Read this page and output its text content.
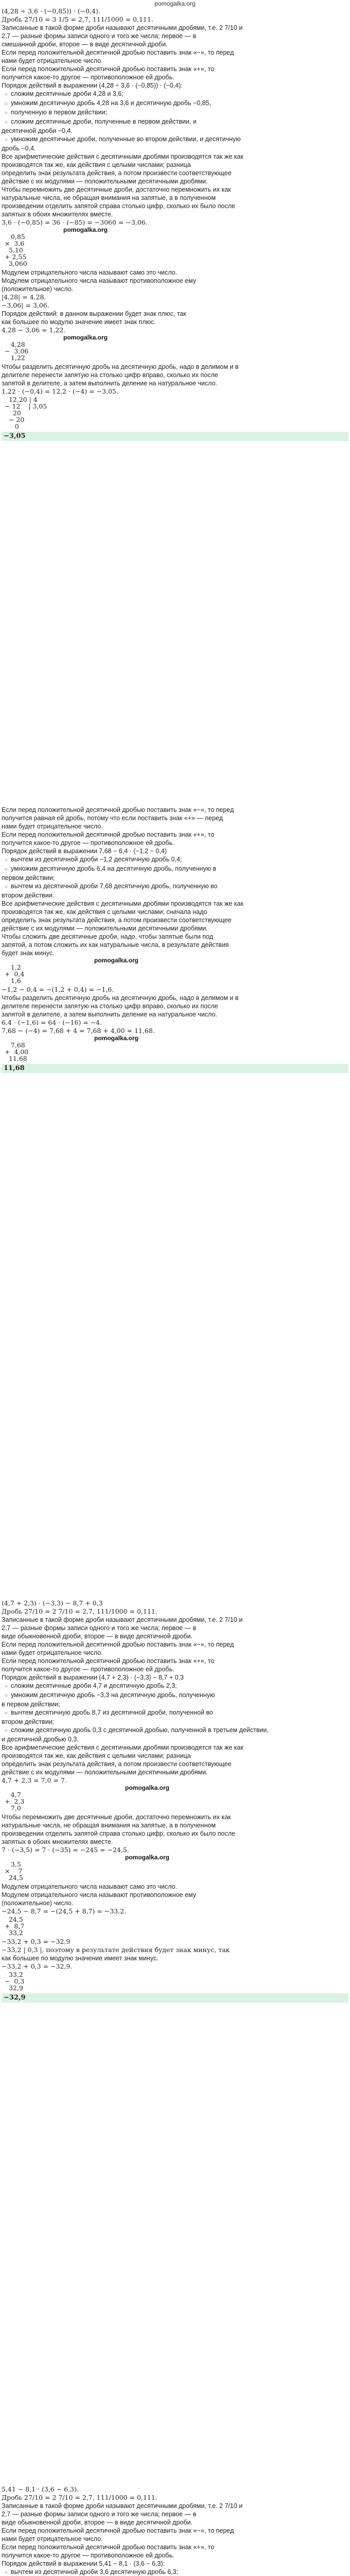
pomogalka.org
(4,28 ÷ 3,6 · (−0,85)) · (−0,4).
Дробь 27/10 = 3 1/5 = 2,7, 111/1000 = 0,111.
Записанные в такой форме дроби называют десятичными дробями, т.е. 2 7/10 и
2,7 — разные формы записи одного и того же числа; первое — в
смешанной дроби, второе — в виде десятичной дроби.
Если перед положительной десятичной дробью поставить знак «−», то перед
нами будет отрицательное число.
Если перед положительной десятичной дробью поставить знак «+», то
получится какое-то другое — противоположное ей дробь.
Порядок действий в выражении (4,28 ÷ 3,6 · (−0,85)) · (−0,4):
○ сложим десятичные дроби 4,28 и 3,6;
○ умножим десятичную дробь 4,28 на 3,6 и десятичную дробь −0,85,
○ полученную в первом действии;
○ сложим десятичные дроби, полученные в первом действии, и
десятичной дроби −0,4.
○ умножим десятичные дроби, полученные во втором действии, и десятичную
дробь −0,4.
Все арифметические действия с десятичными дробями производятся так же как
производятся так же, как действия с целыми числами; разница
определить знак результата действия, а потом произвести соответствующее
действие с их модулями — положительными десятичными дробями.
Чтобы перемножить две десятичные дроби, достаточно перемножить их как
натуральные числа, не обращая внимания на запятые, а в полученном
произведении отделить запятой справа столько цифр, сколько их было после
запятых в обоих множителях вместе.
3,6 · (−0,85) = 36 · (−85) = −3060 = −3,06.
pomogalka.org
0,85
×  3,6
5,10
+ 2,55
3,060
Модулем отрицательного числа называют само это число.
Модулем отрицательного числа называют противоположное ему
(положительное) число.
|4,28| = 4,28.
−3,06| = 3,06.
Порядок действий: в данном выражении будет знак плюс, так
как большее по модулю значение имеет знак плюс.
4,28 − 3,06 = 1,22.
pomogalka.org
4,28
−  3,06
1,22
Чтобы разделить десятичную дробь на десятичную дробь, надо в делимом и в
делителе перенести запятую на столько цифр вправо, сколько их после
запятой в делителе, а затем выполнить деление на натуральное число.
1,22 · (−0,4) = 12,2 · (−4) = −3,05.
12,20 | 4
− 12    | 3,05
20
− 20
0
−3,05
Если перед положительной десятичной дробью поставить знак «−», то перед
получится равная ей дробь, потому что если поставить знак «+» — перед
нами будет отрицательное число.
Если перед положительной десятичной дробью поставить знак «+», то
получится какое-то другое — противоположное ей дробь.
Порядок действий в выражении 7,68 − 6,4 · (−1,2 − 0,4)
○ вычтем из десятичной дроби −1,2 десятичную дробь 0,4;
○ умножим десятичную дробь 6,4 на десятичную дробь, полученную в
первом действии;
○ вычтем из десятичной дроби 7,68 десятичную дробь, полученную во
втором действии.
Все арифметические действия с десятичными дробями производятся так же как
производятся так же, как действия с целыми числами; сначала надо
определить знак результата действия, а потом произвести соответствующее
действие с их модулями — положительными десятичными дробями.
Чтобы сложить две десятичные дроби, надо, чтобы запятые были под
запятой, а потом сложить их как натуральные числа, в результате действия
будет знак минус.
pomogalka.org
1,2
+  0,4
1,6
−1,2 − 0,4 = −(1,2 + 0,4) = −1,6.
Чтобы разделить десятичную дробь на десятичную дробь, надо в делимом и в
делителе перенести запятую на столько цифр вправо, сколько их после
запятой в делителе, а затем выполнить деление на натуральное число.
6,4 · (−1,6) = 64 · (−16) = −4.
7,68 − (−4) = 7,68 + 4 = 7,68 + 4,00 = 11,68.
pomogalka.org
7,68
+  4,00
11,68
11,68
(4,7 + 2,3) · (−3,3) − 8,7 + 0,3
Дробь 27/10 = 2 7/10 = 2,7, 111/1000 = 0,111.
Записанные в такой форме дроби называют десятичными дробями, т.е. 2 7/10 и
2,7 — разные формы записи одного и того же числа; первое — в
виде обыкновенной дроби, второе — в виде десятичной дроби.
Если перед положительной десятичной дробью поставить знак «−», то перед
нами будет отрицательное число.
Если перед положительной десятичной дробью поставить знак «+», то
получится какое-то другое — противоположное ей дробь.
Порядок действий в выражении (4,7 + 2,3) · (−3,3) − 8,7 + 0,3
○ сложим десятичные дроби 4,7 и десятичную дробь 2,3;
○ умножим десятичную дробь −3,3 на десятичную дробь, полученную
в первом действии;
○ вычтем десятичную дробь 8,7 из десятичной дроби, полученной во
втором действии;
○ сложим десятичную дробь 0,3 с десятичной дробью, полученной в третьем действии,
и десятичной дробью 0,3.
Все арифметические действия с десятичными дробями производятся так же как
производятся так же, как действия с целыми числами; разница
определить знак результата действия, а потом произвести соответствующее
действие с их модулями — положительными десятичными дробями.
4,7 + 2,3 = 7,0 = 7.
pomogalka.org
4,7
+  2,3
7,0
Чтобы перемножить две десятичные дроби, достаточно перемножить их как
натуральные числа, не обращая внимания на запятые, а в полученном
произведении отделить запятой справа столько цифр, сколько их было после
запятых в обоих множителях вместе.
7 · (−3,5) = 7 · (−35) = −245 = −24,5.
pomogalka.org
3,5
×    7
24,5
Модулем отрицательного числа называют само это число.
Модулем отрицательного числа называют противоположное ему
(положительное) число.
−24,5 − 8,7 = −(24,5 + 8,7) = −33,2.
24,5
+  8,7
33,2
−33,2 + 0,3 = −32,9
−33,2 | 0,3 |, поэтому в результате действия будет знак минус, так
как большее по модулю значение имеет знак минус.
−33,2 + 0,3 = −32,9.
33,2
−  0,3
32,9
−32,9
5,41 − 8,1 · (3,6 − 6,3).
Дробь 27/10 = 2 7/10 = 2,7, 111/1000 = 0,111.
Записанные в такой форме дроби называют десятичными дробями, т.е. 2 7/10 и
2,7 — разные формы записи одного и того же числа; первое — в
виде обыкновенной дроби, второе — в виде десятичной дроби.
Если перед положительной десятичной дробью поставить знак «−», то перед
нами будет отрицательное число.
Если перед положительной десятичной дробью поставить знак «+», то
получится какое-то другое — противоположное ей дробь.
Порядок действий в выражении 5,41 − 8,1 · (3,6 − 6,3):
○ вычтем из десятичной дроби 3,6 десятичную дробь 6,3;
